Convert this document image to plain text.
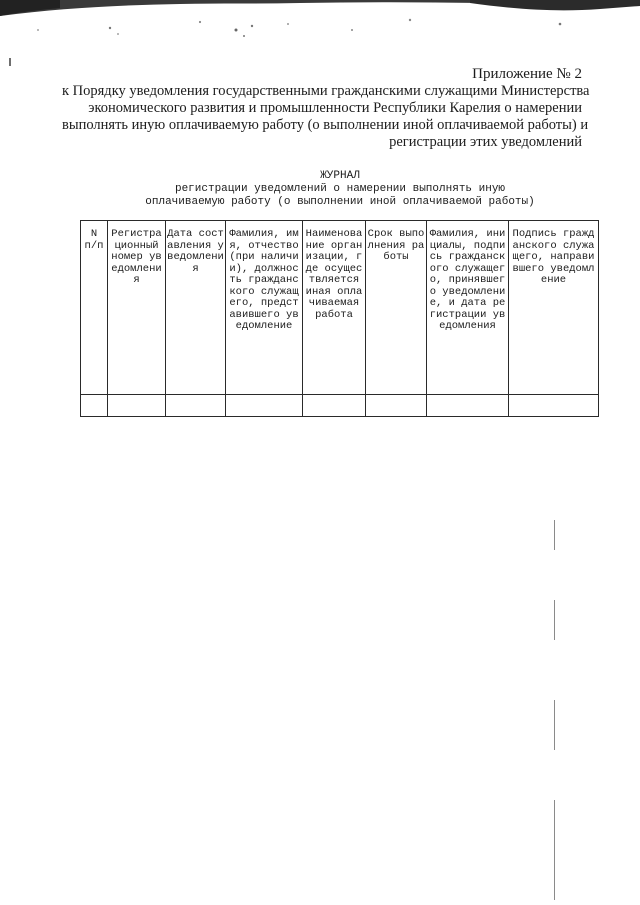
Приложение № 2
к Порядку уведомления государственными гражданскими служащими Министерства
экономического развития и промышленности Республики Карелия о намерении
выполнять иную оплачиваемую работу (о выполнении иной оплачиваемой работы) и
регистрации этих уведомлений
ЖУРНАЛ
регистрации уведомлений о намерении выполнять иную
оплачиваемую работу (о выполнении иной оплачиваемой работы)
N п/п	Регистрационный номер уведомления	Дата составления уведомления	Фамилия, имя, отчество (при наличии), должность гражданского служащего, представившего уведомление	Наименование организации, где осуществляется иная оплачиваемая работа	Срок выполнения работы	Фамилия, инициалы, подпись гражданского служащего, принявшего уведомление, и дата регистрации уведомления	Подпись гражданского служащего, направившего уведомление
